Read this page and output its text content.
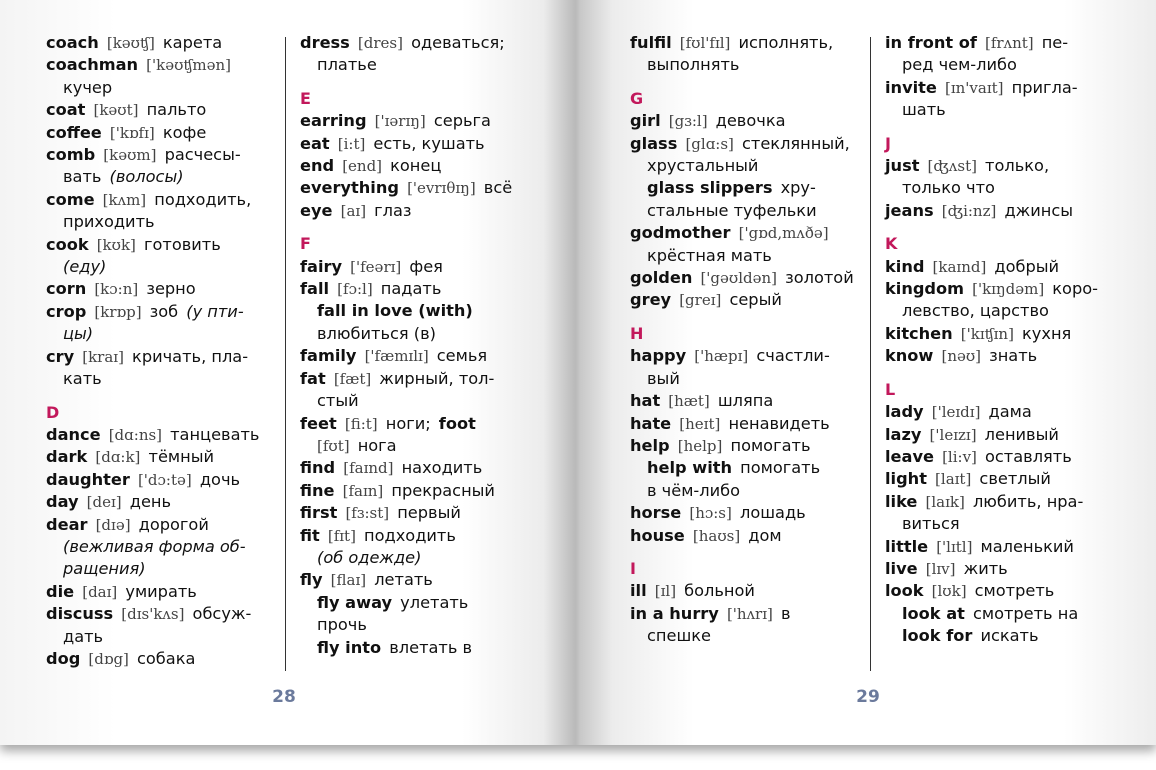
coach  [kəʊʧ]  карета
coachman  ['kəʊʧmən]
кучер
coat  [kəʊt]  пальто
coffee  ['kɒfɪ]  кофе
comb  [kəʊm]  расчесы-
вать  (волосы)
come  [kʌm]  подходить,
приходить
cook  [kʊk]  готовить
(еду)
corn  [kɔ:n]  зерно
crop  [krɒp]  зоб  (у пти-
цы)
cry  [kraɪ]  кричать, пла-
кать
D
dance  [dɑ:ns]  танцевать
dark  [dɑ:k]  тёмный
daughter  ['dɔ:tə]  дочь
day  [deɪ]  день
dear  [dɪə]  дорогой
(вежливая форма об-
ращения)
die  [daɪ]  умирать
discuss  [dɪs'kʌs]  обсуж-
дать
dog  [dɒg]  собака
dress  [dres]  одеваться;
платье
E
earring  ['ɪərɪŋ]  серьга
eat  [i:t]  есть, кушать
end  [end]  конец
everything  ['evrɪθɪŋ]  всё
eye  [aɪ]  глаз
F
fairy  ['feərɪ]  фея
fall  [fɔ:l]  падать
fall in love (with)
влюбиться (в)
family  ['fæmɪlɪ]  семья
fat  [fæt]  жирный, тол-
стый
feet  [fi:t]  ноги;  foot
[fʊt]  нога
find  [faɪnd]  находить
fine  [faɪn]  прекрасный
first  [fɜ:st]  первый
fit  [fɪt]  подходить
(об одежде)
fly  [flaɪ]  летать
fly away  улетать
прочь
fly into  влетать в
fulfil  [fʊl'fɪl]  исполнять,
выполнять
G
girl  [gɜ:l]  девочка
glass  [glɑ:s]  стеклянный,
хрустальный
glass slippers  хру-
стальные туфельки
godmother  ['gɒd,mʌðə]
крёстная мать
golden  ['gəʊldən]  золотой
grey  [greɪ]  серый
H
happy  ['hæpɪ]  счастли-
вый
hat  [hæt]  шляпа
hate  [heɪt]  ненавидеть
help  [help]  помогать
help with  помогать
в чём-либо
horse  [hɔ:s]  лошадь
house  [haʊs]  дом
I
ill  [ɪl]  больной
in a hurry  ['hʌrɪ]  в
спешке
in front of  [frʌnt]  пе-
ред чем-либо
invite  [ɪn'vaɪt]  пригла-
шать
J
just  [ʤʌst]  только,
только что
jeans  [ʤi:nz]  джинсы
K
kind  [kaɪnd]  добрый
kingdom  ['kɪŋdəm]  коро-
левство, царство
kitchen  ['kɪʧɪn]  кухня
know  [nəʊ]  знать
L
lady  ['leɪdɪ]  дама
lazy  ['leɪzɪ]  ленивый
leave  [li:v]  оставлять
light  [laɪt]  светлый
like  [laɪk]  любить, нра-
виться
little  ['lɪtl]  маленький
live  [lɪv]  жить
look  [lʊk]  смотреть
look at  смотреть на
look for  искать
28	29
